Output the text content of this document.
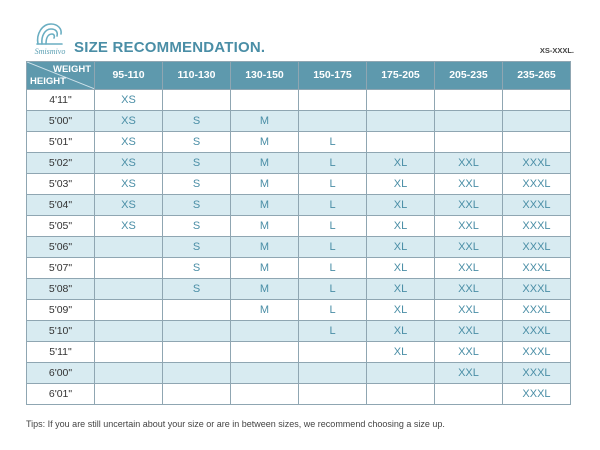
Smismivo SIZE RECOMMENDATION.	XS-XXXL.
WEIGHT
HEIGHT	95-110	110-130	130-150	150-175	175-205	205-235	235-265
4'11"	XS						
5'00"	XS	S	M				
5'01"	XS	S	M	L			
5'02"	XS	S	M	L	XL	XXL	XXXL
5'03"	XS	S	M	L	XL	XXL	XXXL
5'04"	XS	S	M	L	XL	XXL	XXXL
5'05"	XS	S	M	L	XL	XXL	XXXL
5'06"		S	M	L	XL	XXL	XXXL
5'07"		S	M	L	XL	XXL	XXXL
5'08"		S	M	L	XL	XXL	XXXL
5'09"			M	L	XL	XXL	XXXL
5'10"				L	XL	XXL	XXXL
5'11"					XL	XXL	XXXL
6'00"						XXL	XXXL
6'01"							XXXL
Tips: If you are still uncertain about your size or are in between sizes, we recommend choosing a size up.
